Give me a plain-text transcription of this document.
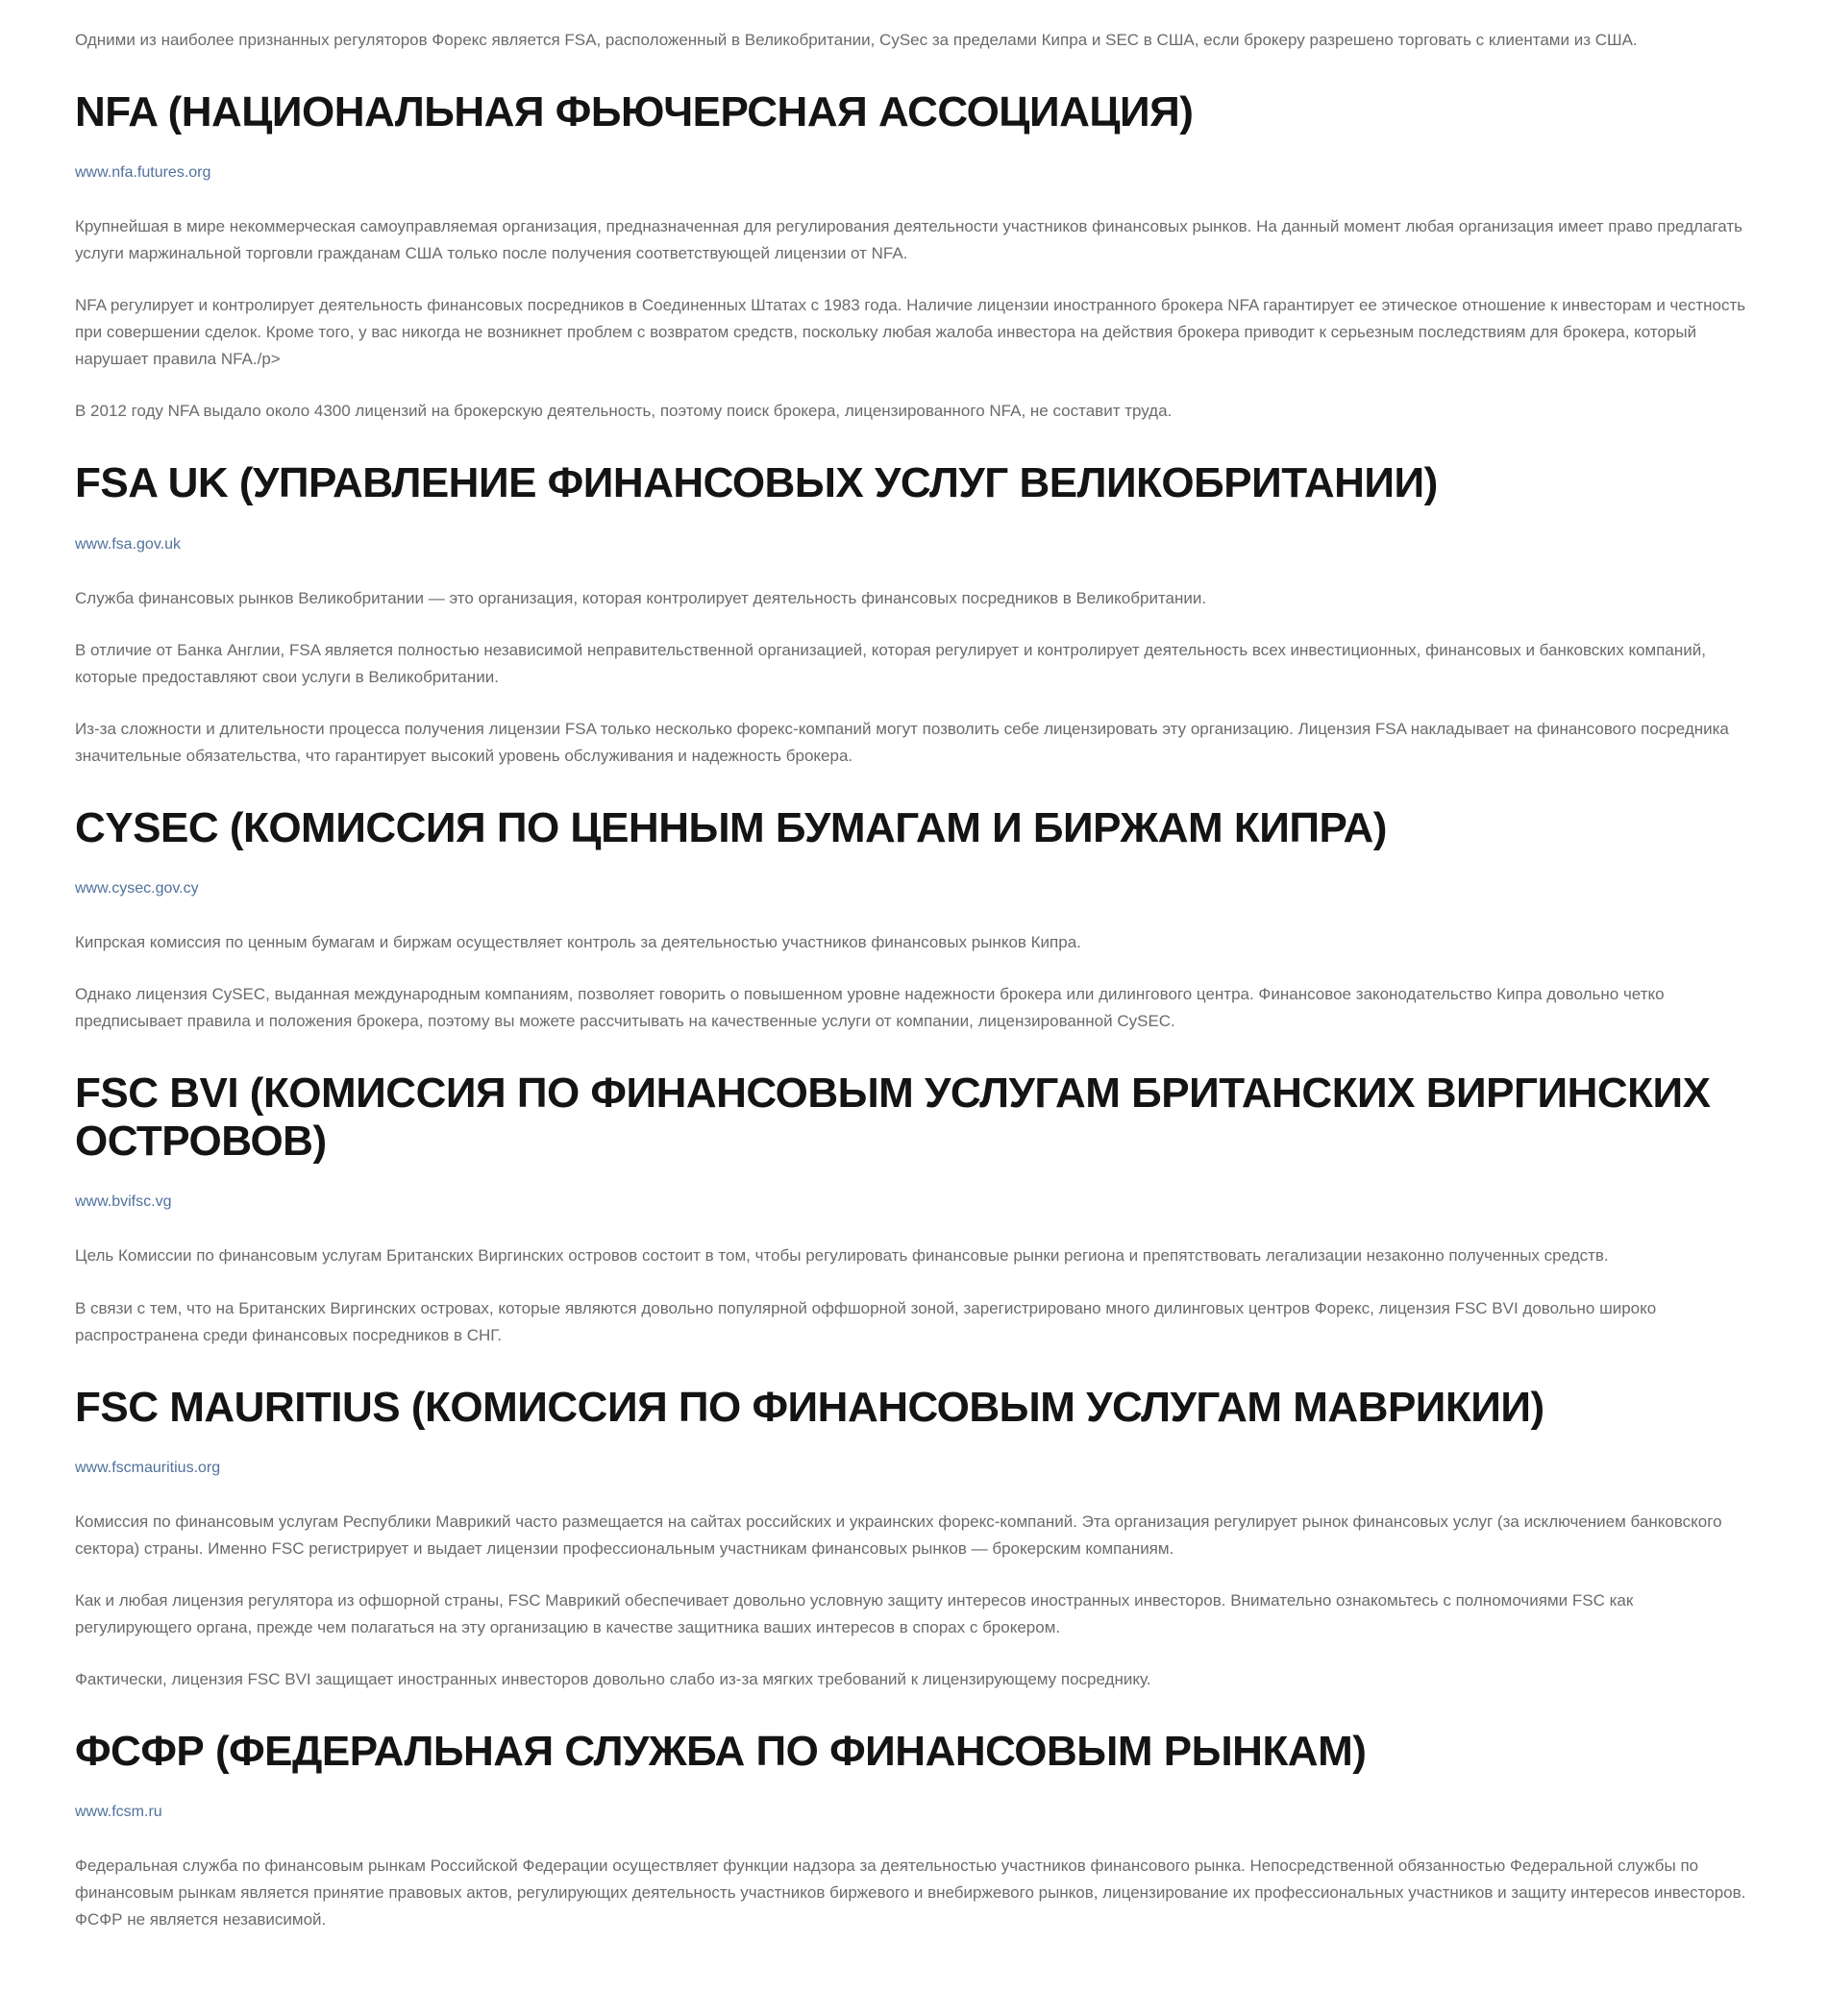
Одними из наиболее признанных регуляторов Форекс является FSA, расположенный в Великобритании, CySec за пределами Кипра и SEC в США, если брокеру разрешено торговать с клиентами из США.

NFA (НАЦИОНАЛЬНАЯ ФЬЮЧЕРСНАЯ АССОЦИАЦИЯ)
www.nfa.futures.org

Крупнейшая в мире некоммерческая самоуправляемая организация, предназначенная для регулирования деятельности участников финансовых рынков. На данный момент любая организация имеет право предлагать услуги маржинальной торговли гражданам США только после получения соответствующей лицензии от NFA.

NFA регулирует и контролирует деятельность финансовых посредников в Соединенных Штатах с 1983 года. Наличие лицензии иностранного брокера NFA гарантирует ее этическое отношение к инвесторам и честность при совершении сделок. Кроме того, у вас никогда не возникнет проблем с возвратом средств, поскольку любая жалоба инвестора на действия брокера приводит к серьезным последствиям для брокера, который нарушает правила NFA./p>

В 2012 году NFA выдало около 4300 лицензий на брокерскую деятельность, поэтому поиск брокера, лицензированного NFA, не составит труда.

FSA UK (УПРАВЛЕНИЕ ФИНАНСОВЫХ УСЛУГ ВЕЛИКОБРИТАНИИ)
www.fsa.gov.uk

Служба финансовых рынков Великобритании — это организация, которая контролирует деятельность финансовых посредников в Великобритании.

В отличие от Банка Англии, FSA является полностью независимой неправительственной организацией, которая регулирует и контролирует деятельность всех инвестиционных, финансовых и банковских компаний, которые предоставляют свои услуги в Великобритании.

Из-за сложности и длительности процесса получения лицензии FSA только несколько форекс-компаний могут позволить себе лицензировать эту организацию. Лицензия FSA накладывает на финансового посредника значительные обязательства, что гарантирует высокий уровень обслуживания и надежность брокера.

CYSEC (КОМИССИЯ ПО ЦЕННЫМ БУМАГАМ И БИРЖАМ КИПРА)
www.cysec.gov.cy

Кипрская комиссия по ценным бумагам и биржам осуществляет контроль за деятельностью участников финансовых рынков Кипра.

Однако лицензия CySEC, выданная международным компаниям, позволяет говорить о повышенном уровне надежности брокера или дилингового центра. Финансовое законодательство Кипра довольно четко предписывает правила и положения брокера, поэтому вы можете рассчитывать на качественные услуги от компании, лицензированной CySEC.

FSC BVI (КОМИССИЯ ПО ФИНАНСОВЫМ УСЛУГАМ БРИТАНСКИХ ВИРГИНСКИХ ОСТРОВОВ)
www.bvifsc.vg

Цель Комиссии по финансовым услугам Британских Виргинских островов состоит в том, чтобы регулировать финансовые рынки региона и препятствовать легализации незаконно полученных средств.

В связи с тем, что на Британских Виргинских островах, которые являются довольно популярной оффшорной зоной, зарегистрировано много дилинговых центров Форекс, лицензия FSC BVI довольно широко распространена среди финансовых посредников в СНГ.

FSC MAURITIUS (КОМИССИЯ ПО ФИНАНСОВЫМ УСЛУГАМ МАВРИКИИ)
www.fscmauritius.org

Комиссия по финансовым услугам Республики Маврикий часто размещается на сайтах российских и украинских форекс-компаний. Эта организация регулирует рынок финансовых услуг (за исключением банковского сектора) страны. Именно FSC регистрирует и выдает лицензии профессиональным участникам финансовых рынков — брокерским компаниям.

Как и любая лицензия регулятора из офшорной страны, FSC Маврикий обеспечивает довольно условную защиту интересов иностранных инвесторов. Внимательно ознакомьтесь с полномочиями FSC как регулирующего органа, прежде чем полагаться на эту организацию в качестве защитника ваших интересов в спорах с брокером.

Фактически, лицензия FSC BVI защищает иностранных инвесторов довольно слабо из-за мягких требований к лицензирующему посреднику.

ФСФР (ФЕДЕРАЛЬНАЯ СЛУЖБА ПО ФИНАНСОВЫМ РЫНКАМ)
www.fcsm.ru

Федеральная служба по финансовым рынкам Российской Федерации осуществляет функции надзора за деятельностью участников финансового рынка. Непосредственной обязанностью Федеральной службы по финансовым рынкам является принятие правовых актов, регулирующих деятельность участников биржевого и внебиржевого рынков, лицензирование их профессиональных участников и защиту интересов инвесторов. ФСФР не является независимой.
